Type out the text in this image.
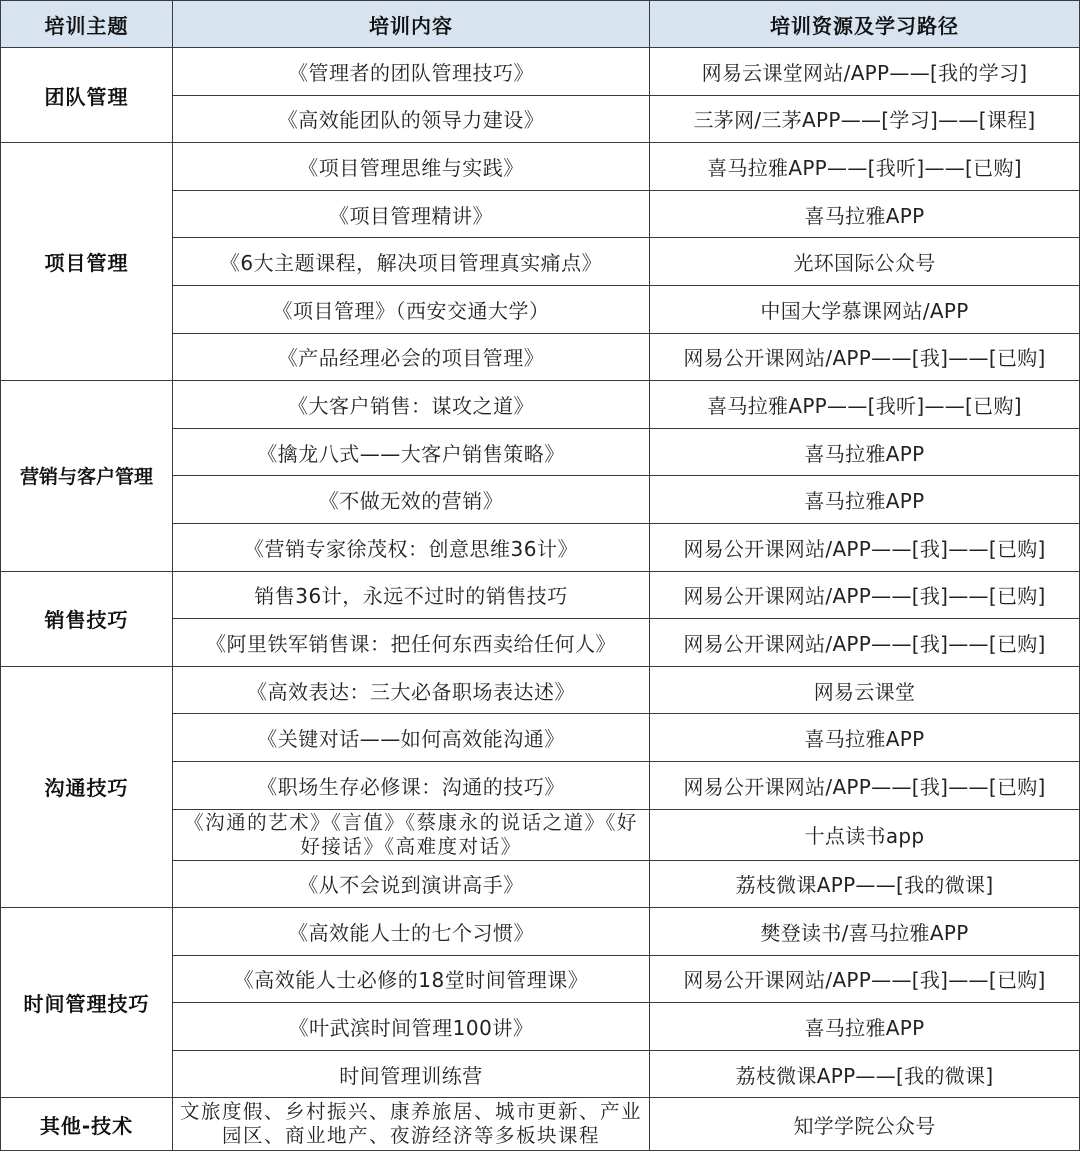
培训主题	培训内容	培训资源及学习路径
团队管理	《管理者的团队管理技巧》	网易云课堂网站/APP——[我的学习]
	《高效能团队的领导力建设》	三茅网/三茅APP——[学习]——[课程]
项目管理	《项目管理思维与实践》	喜马拉雅APP——[我听]——[已购]
	《项目管理精讲》	喜马拉雅APP
	《6大主题课程，解决项目管理真实痛点》	光环国际公众号
	《项目管理》（西安交通大学）	中国大学慕课网站/APP
	《产品经理必会的项目管理》	网易公开课网站/APP——[我]——[已购]
营销与客户管理	《大客户销售：谋攻之道》	喜马拉雅APP——[我听]——[已购]
	《擒龙八式——大客户销售策略》	喜马拉雅APP
	《不做无效的营销》	喜马拉雅APP
	《营销专家徐茂权：创意思维36计》	网易公开课网站/APP——[我]——[已购]
销售技巧	销售36计，永远不过时的销售技巧	网易公开课网站/APP——[我]——[已购]
	《阿里铁军销售课：把任何东西卖给任何人》	网易公开课网站/APP——[我]——[已购]
沟通技巧	《高效表达：三大必备职场表达述》	网易云课堂
	《关键对话——如何高效能沟通》	喜马拉雅APP
	《职场生存必修课：沟通的技巧》	网易公开课网站/APP——[我]——[已购]
	《沟通的艺术》《言值》《蔡康永的说话之道》《好好接话》《高难度对话》	十点读书app
	《从不会说到演讲高手》	荔枝微课APP——[我的微课]
时间管理技巧	《高效能人士的七个习惯》	樊登读书/喜马拉雅APP
	《高效能人士必修的18堂时间管理课》	网易公开课网站/APP——[我]——[已购]
	《叶武滨时间管理100讲》	喜马拉雅APP
	时间管理训练营	荔枝微课APP——[我的微课]
其他-技术	文旅度假、乡村振兴、康养旅居、城市更新、产业园区、商业地产、夜游经济等多板块课程	知学学院公众号
